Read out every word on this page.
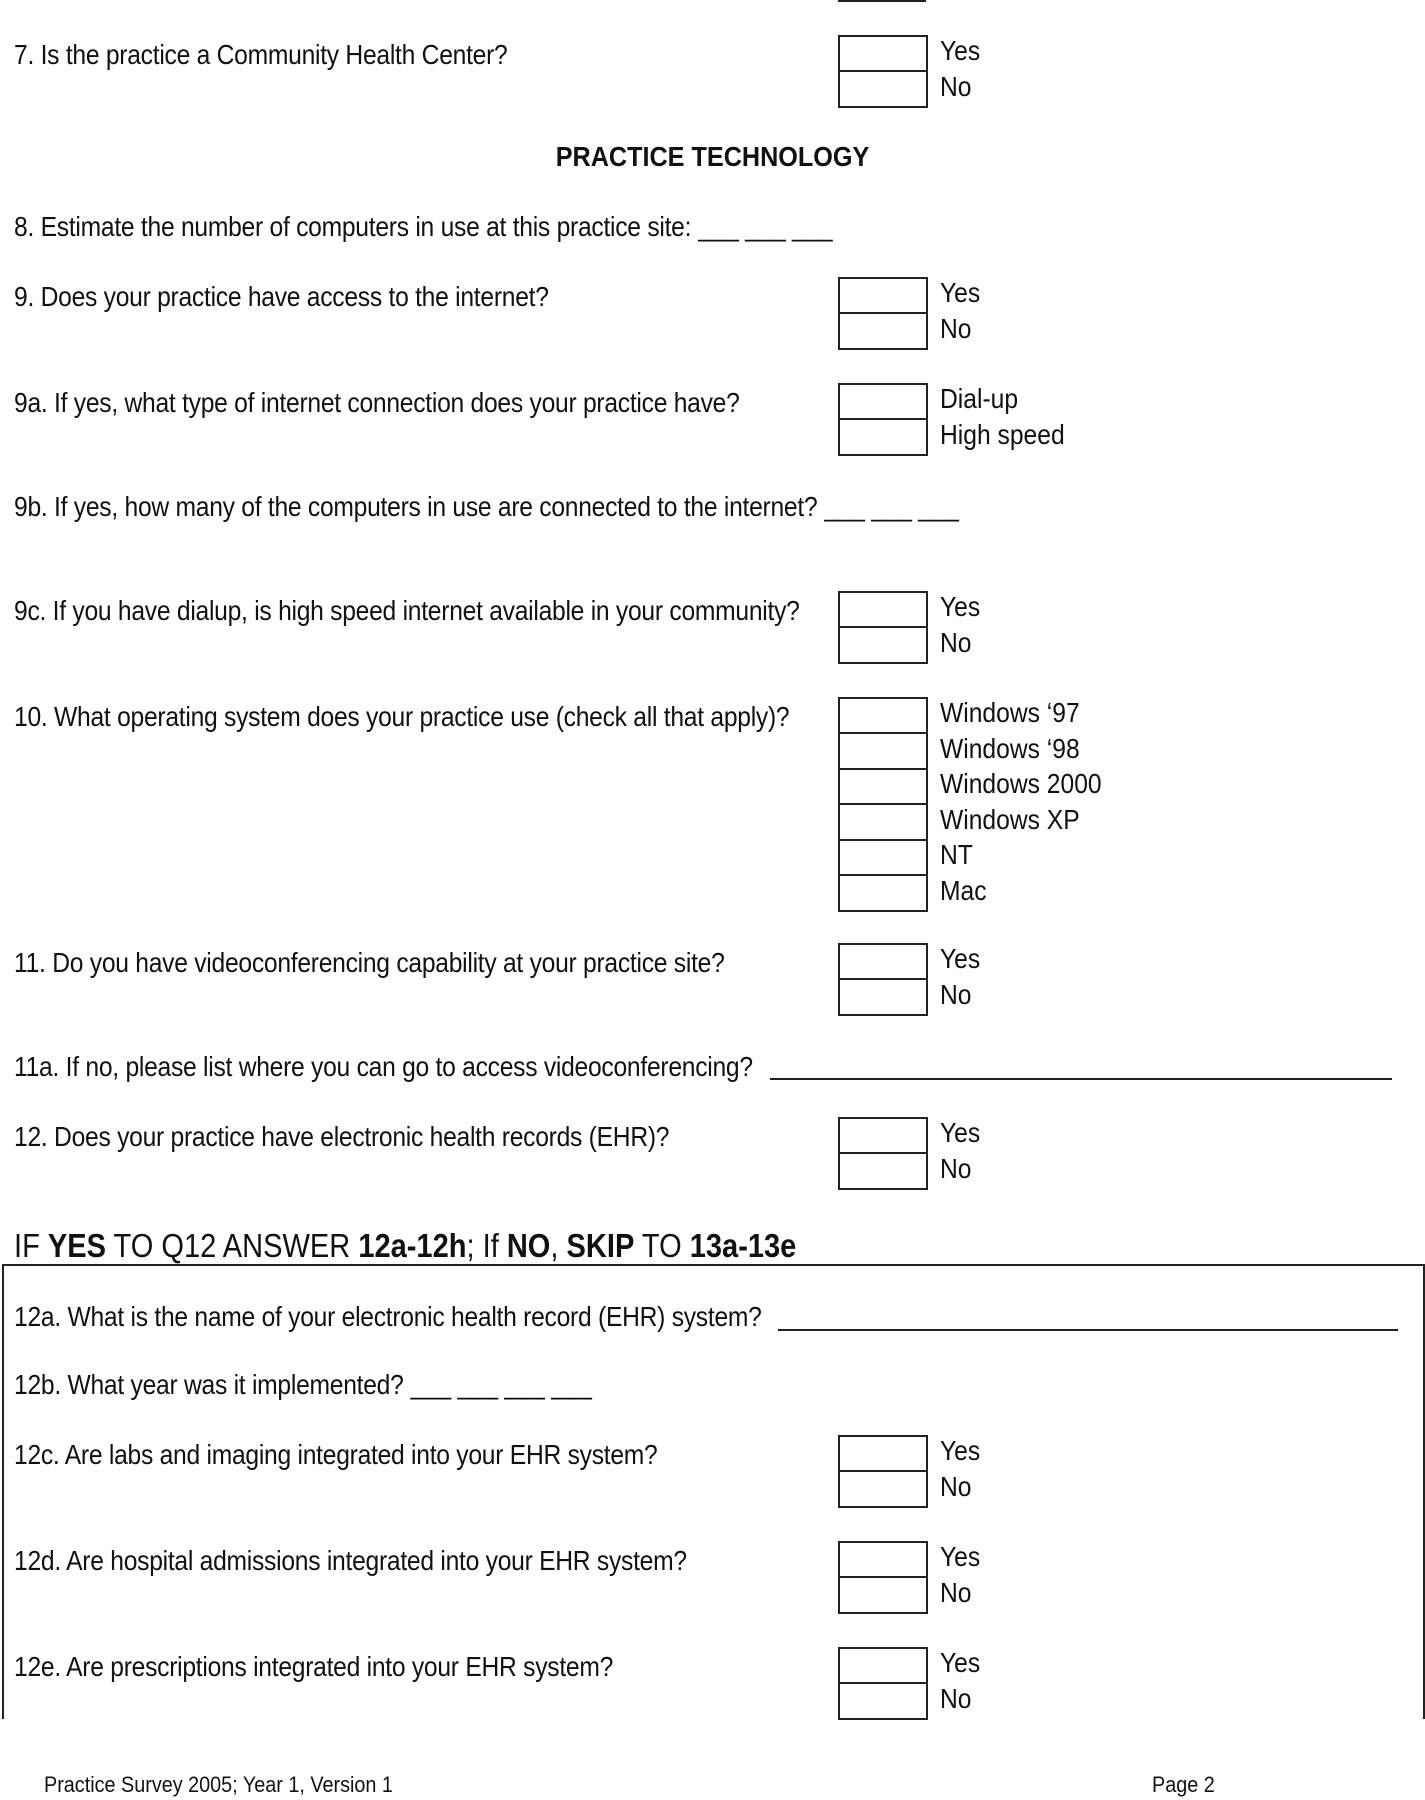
7. Is the practice a Community Health Center?	Yes
No
PRACTICE TECHNOLOGY
8. Estimate the number of computers in use at this practice site: ___ ___ ___
9. Does your practice have access to the internet?	Yes
No
9a. If yes, what type of internet connection does your practice have?	Dial-up
High speed
9b. If yes, how many of the computers in use are connected to the internet? ___ ___ ___
9c. If you have dialup, is high speed internet available in your community?	Yes
No
10. What operating system does your practice use (check all that apply)?	Windows ‘97
Windows ‘98
Windows 2000
Windows XP
NT
Mac
11. Do you have videoconferencing capability at your practice site?	Yes
No
11a. If no, please list where you can go to access videoconferencing?
12. Does your practice have electronic health records (EHR)?	Yes
No
IF YES TO Q12 ANSWER 12a-12h; If NO, SKIP TO 13a-13e
12a. What is the name of your electronic health record (EHR) system?
12b. What year was it implemented? ___ ___ ___ ___
12c. Are labs and imaging integrated into your EHR system?	Yes
No
12d. Are hospital admissions integrated into your EHR system?	Yes
No
12e. Are prescriptions integrated into your EHR system?	Yes
No
Practice Survey 2005; Year 1, Version 1	Page 2
